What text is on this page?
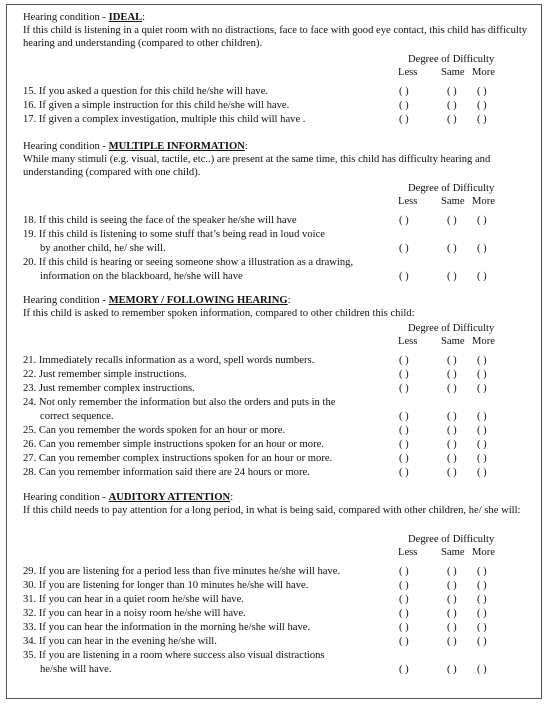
Hearing condition - IDEAL:

If this child is listening in a quiet room with no distractions, face to face with good eye contact, this child has difficulty hearing and understanding (compared to other children).

Degree of Difficulty
Less Same More
15. If you asked a question for this child he/she will have.	( )	( ) ( )
16. If given a simple instruction for this child he/she will have.	( )	( ) ( )
17. If given a complex investigation, multiple this child will have .	( )	( ) ( )
Hearing condition - MULTIPLE INFORMATION:

While many stimuli (e.g. visual, tactile, etc..) are present at the same time, this child has difficulty hearing and understanding (compared with one child).

Degree of Difficulty
Less Same More
18. If this child is seeing the face of the speaker he/she will have	( )	( ) ( )
19. If this child is listening to some stuff that’s being read in loud voice
by another child, he/ she will.	( )	( ) ( )
20. If this child is hearing or seeing someone show a illustration as a drawing,
information on the blackboard, he/she will have	( )	( ) ( )
Hearing condition - MEMORY / FOLLOWING HEARING:

If this child is asked to remember spoken information, compared to other children this child:

Degree of Difficulty
Less Same More
21. Immediately recalls information as a word, spell words numbers.	( )	( ) ( )
22. Just remember simple instructions.	( )	( ) ( )
23. Just remember complex instructions.	( )	( ) ( )
24. Not only remember the information but also the orders and puts in the
correct sequence.	( )	( ) ( )
25. Can you remember the words spoken for an hour or more.	( )	( ) ( )
26. Can you remember simple instructions spoken for an hour or more.	( )	( ) ( )
27. Can you remember complex instructions spoken for an hour or more.	( )	( ) ( )
28. Can you remember information said there are 24 hours or more.	( )	( ) ( )
Hearing condition - AUDITORY ATTENTION:

If this child needs to pay attention for a long period, in what is being said, compared with other children, he/ she will:

Degree of Difficulty
Less Same More
29. If you are listening for a period less than five minutes he/she will have.	( )	( ) ( )
30. If you are listening for longer than 10 minutes he/she will have.	( )	( ) ( )
31. If you can hear in a quiet room he/she will have.	( )	( ) ( )
32. If you can hear in a noisy room he/she will have.	( )	( ) ( )
33. If you can hear the information in the morning he/she will have.	( )	( ) ( )
34. If you can hear in the evening he/she will.	( )	( ) ( )
35. If you are listening in a room where success also visual distractions
he/she will have.	( )	( ) ( )
